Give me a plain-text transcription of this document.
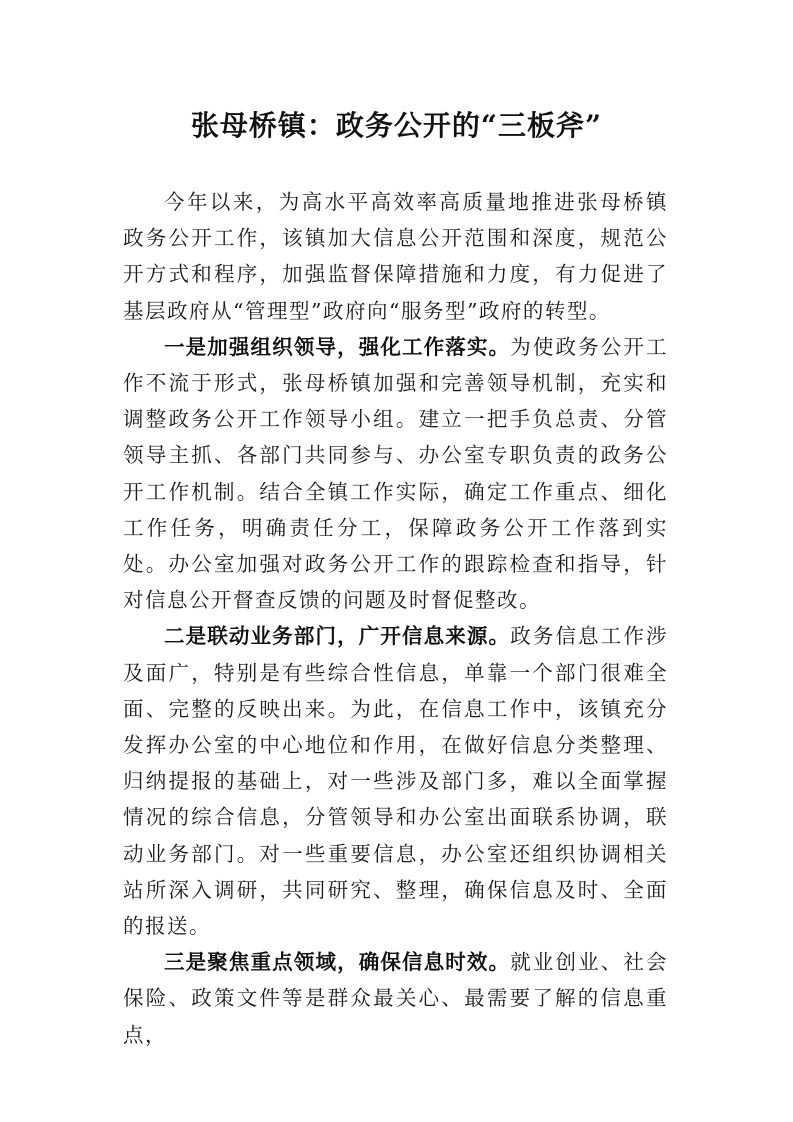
张母桥镇：政务公开的“三板斧”

今年以来，为高水平高效率高质量地推进张母桥镇政务公开工作，该镇加大信息公开范围和深度，规范公开方式和程序，加强监督保障措施和力度，有力促进了基层政府从“管理型”政府向“服务型”政府的转型。

一是加强组织领导，强化工作落实。为使政务公开工作不流于形式，张母桥镇加强和完善领导机制，充实和调整政务公开工作领导小组。建立一把手负总责、分管领导主抓、各部门共同参与、办公室专职负责的政务公开工作机制。结合全镇工作实际，确定工作重点、细化工作任务，明确责任分工，保障政务公开工作落到实处。办公室加强对政务公开工作的跟踪检查和指导，针对信息公开督查反馈的问题及时督促整改。

二是联动业务部门，广开信息来源。政务信息工作涉及面广，特别是有些综合性信息，单靠一个部门很难全面、完整的反映出来。为此，在信息工作中，该镇充分发挥办公室的中心地位和作用，在做好信息分类整理、归纳提报的基础上，对一些涉及部门多，难以全面掌握情况的综合信息，分管领导和办公室出面联系协调，联动业务部门。对一些重要信息，办公室还组织协调相关站所深入调研，共同研究、整理，确保信息及时、全面的报送。

三是聚焦重点领域，确保信息时效。就业创业、社会保险、政策文件等是群众最关心、最需要了解的信息重点，
